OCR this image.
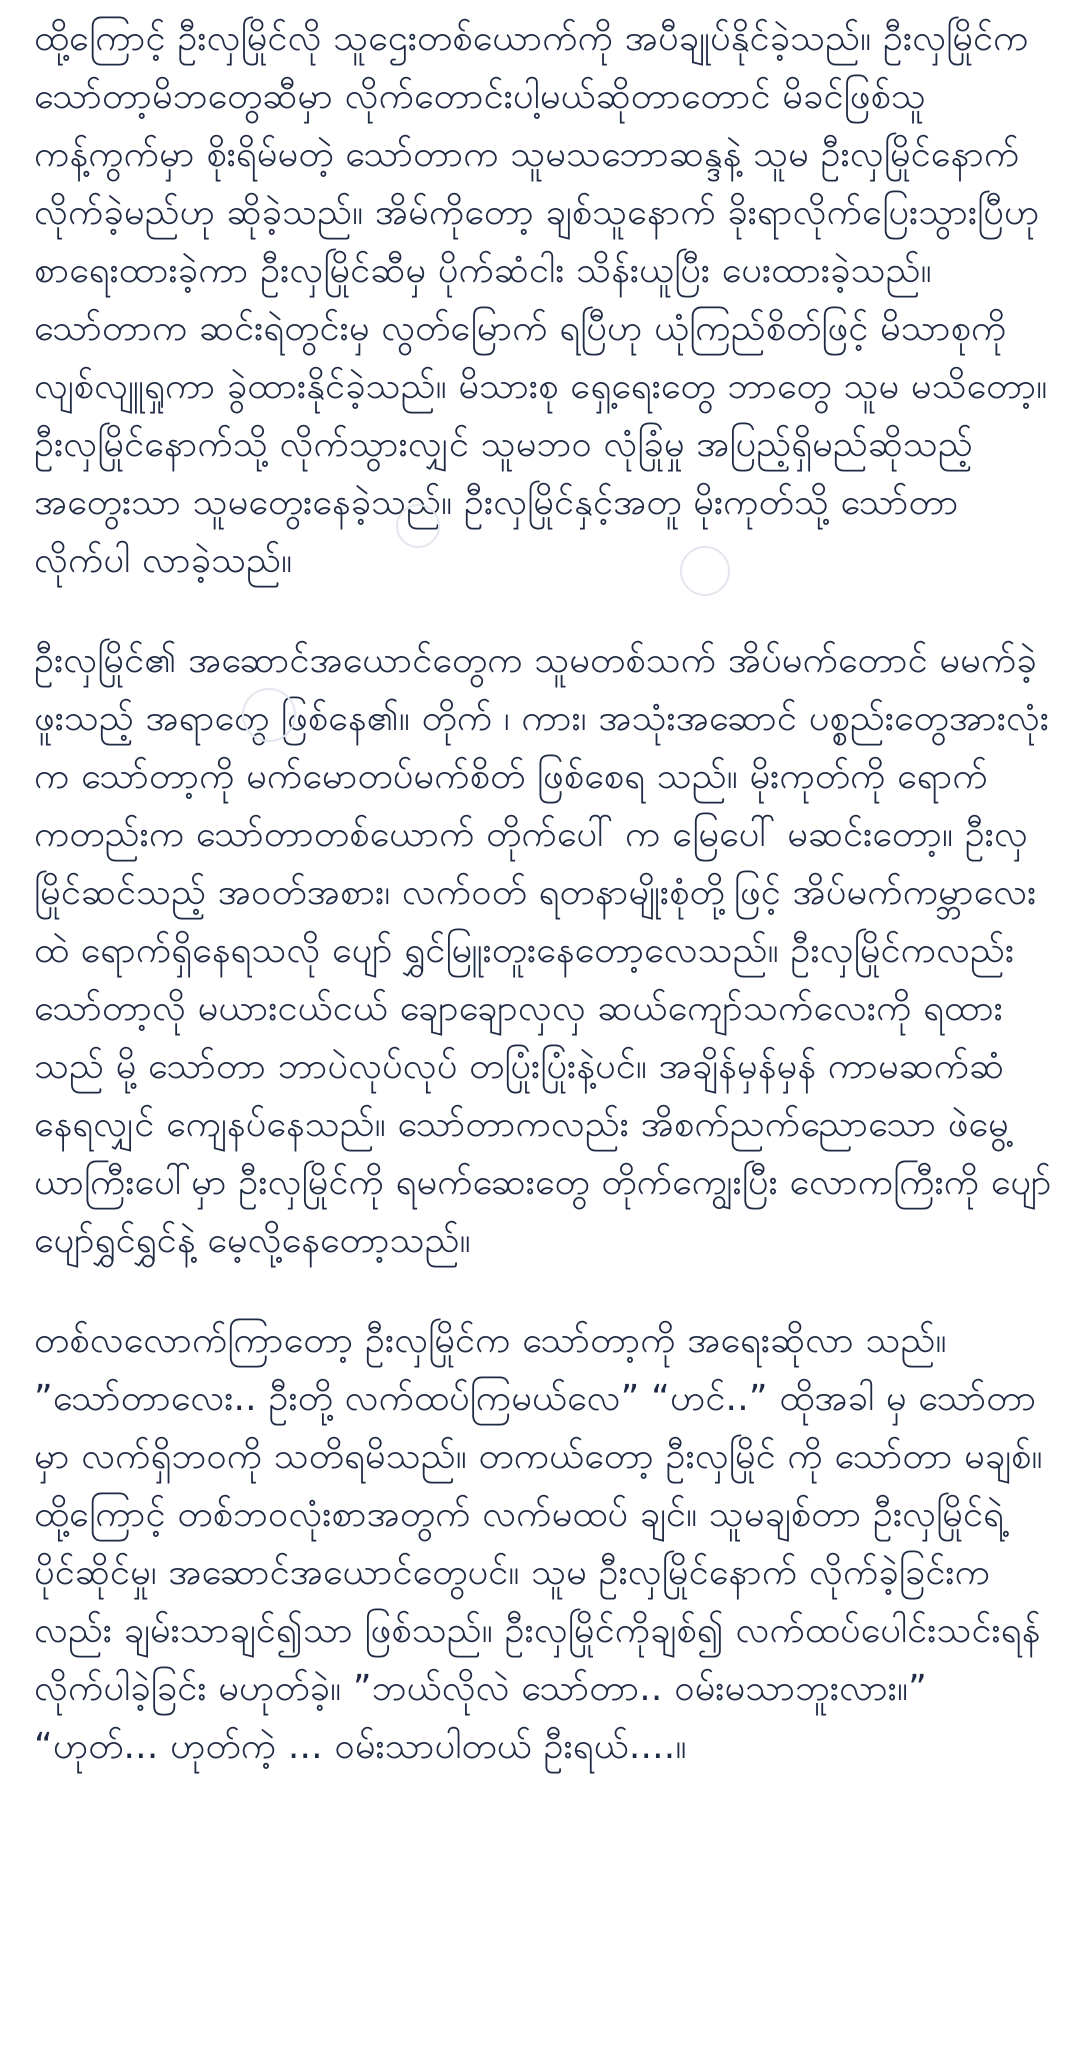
ထို့ကြောင့် ဦးလှမြိုင်လို သူဌေးတစ်ယောက်ကို အပီချုပ်နိုင်ခဲ့သည်။ ဦးလှမြိုင်က သော်တာ့မိဘတွေဆီမှာ လိုက်တောင်းပါ့မယ်ဆိုတာတောင် မိခင်ဖြစ်သူ ကန့်ကွက်မှာ စိုးရိမ်မတဲ့ သော်တာက သူမသဘောဆန္ဒနဲ့ သူမ ဦးလှမြိုင်နောက် လိုက်ခဲ့မည်ဟု ဆိုခဲ့သည်။ အိမ်ကိုတော့ ချစ်သူနောက် ခိုးရာလိုက်ပြေးသွားပြီဟု စာရေးထားခဲ့ကာ ဦးလှမြိုင်ဆီမှ ပိုက်ဆံငါး သိန်းယူပြီး ပေးထားခဲ့သည်။ သော်တာက ဆင်းရဲတွင်းမှ လွတ်မြောက် ရပြီဟု ယုံကြည်စိတ်ဖြင့် မိသာစုကို လျစ်လျူရှုကာ ခွဲထားနိုင်ခဲ့သည်။ မိသားစု ရှေ့ရေးတွေ ဘာတွေ သူမ မသိတော့။ ဦးလှမြိုင်နောက်သို့ လိုက်သွားလျှင် သူမဘဝ လုံခြုံမှု အပြည့်ရှိမည်ဆိုသည့် အတွေးသာ သူမတွေးနေခဲ့သည်။ ဦးလှမြိုင်နှင့်အတူ မိုးကုတ်သို့ သော်တာ လိုက်ပါ လာခဲ့သည်။

ဦးလှမြိုင်၏ အဆောင်အယောင်တွေက သူမတစ်သက် အိပ်မက်တောင် မမက်ခဲ့ဖူးသည့် အရာတွေ ဖြစ်နေ၏။ တိုက် ၊ ကား၊ အသုံးအဆောင် ပစ္စည်းတွေအားလုံးက သော်တာ့ကို မက်မောတပ်မက်စိတ် ဖြစ်စေရ သည်။ မိုးကုတ်ကို ရောက်ကတည်းက သော်တာတစ်ယောက် တိုက်ပေါ် က မြေပေါ် မဆင်းတော့။ ဦးလှမြိုင်ဆင်သည့် အဝတ်အစား၊ လက်ဝတ် ရတနာမျိုးစုံတို့ဖြင့် အိပ်မက်ကမ္ဘာလေးထဲ ရောက်ရှိနေရသလို ပျော် ရွှင်မြူးတူးနေတော့လေသည်။ ဦးလှမြိုင်ကလည်း သော်တာ့လို မယားငယ်ငယ် ချောချောလှလှ ဆယ်ကျော်သက်လေးကို ရထားသည် မို့ သော်တာ ဘာပဲလုပ်လုပ် တပြုံးပြုံးနဲ့ပင်။ အချိန်မှန်မှန် ကာမဆက်ဆံ နေရလျှင် ကျေနပ်နေသည်။ သော်တာကလည်း အိစက်ညက်ညောသော ဖဲမွေ့ယာကြီးပေါ်မှာ ဦးလှမြိုင်ကို ရမက်ဆေးတွေ တိုက်ကျွေးပြီး လောကကြီးကို ပျော်ပျော်ရွှင်ရွှင်နဲ့ မေ့လို့နေတော့သည်။

တစ်လလောက်ကြာတော့ ဦးလှမြိုင်က သော်တာ့ကို အရေးဆိုလာ သည်။ ”သော်တာလေး.. ဦးတို့ လက်ထပ်ကြမယ်လေ” “ဟင်..” ထိုအခါ မှ သော်တာမှာ လက်ရှိဘဝကို သတိရမိသည်။ တကယ်တော့ ဦးလှမြိုင် ကို သော်တာ မချစ်။ ထို့ကြောင့် တစ်ဘဝလုံးစာအတွက် လက်မထပ် ချင်။ သူမချစ်တာ ဦးလှမြိုင်ရဲ့ ပိုင်ဆိုင်မှု၊ အဆောင်အယောင်တွေပင်။ သူမ ဦးလှမြိုင်နောက် လိုက်ခဲ့ခြင်းကလည်း ချမ်းသာချင်၍သာ ဖြစ်သည်။ ဦးလှမြိုင်ကိုချစ်၍ လက်ထပ်ပေါင်းသင်းရန် လိုက်ပါခဲ့ခြင်း မဟုတ်ခဲ့။ ”ဘယ်လိုလဲ သော်တာ.. ဝမ်းမသာဘူးလား။” “ဟုတ်... ဟုတ်ကဲ့ ... ဝမ်းသာပါတယ် ဦးရယ်....။
